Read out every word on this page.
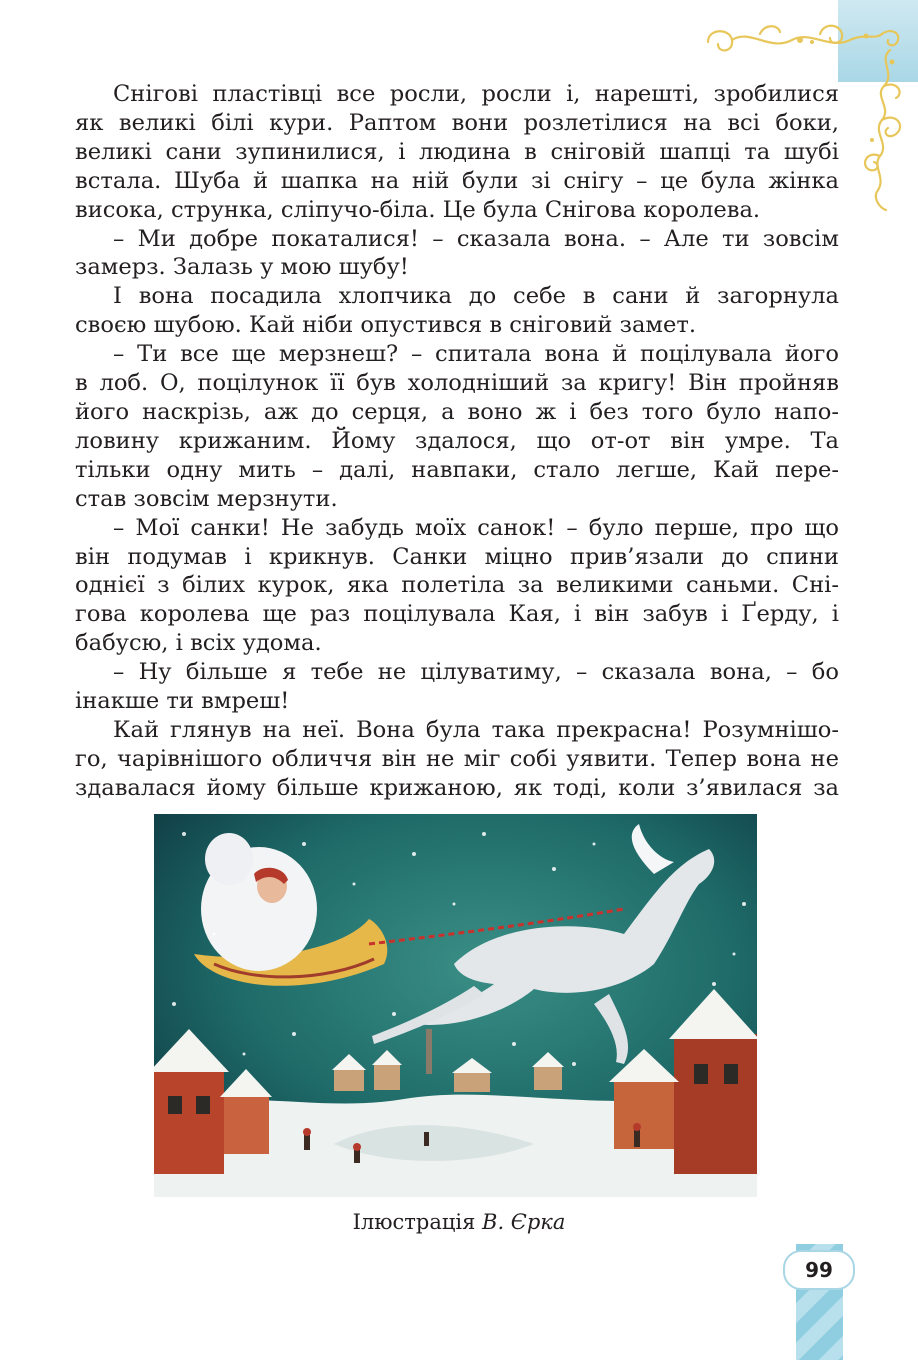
Снігові пластівці все росли, росли і, нарешті, зробилися
як великі білі кури. Раптом вони розлетілися на всі боки,
великі сани зупинилися, і людина в сніговій шапці та шубі
встала. Шуба й шапка на ній були зі снігу – це була жінка
висока, струнка, сліпучо-біла. Це була Снігова королева.
– Ми добре покаталися! – сказала вона. – Але ти зовсім
замерз. Залазь у мою шубу!
І вона посадила хлопчика до себе в сани й загорнула
своєю шубою. Кай ніби опустився в сніговий замет.
– Ти все ще мерзнеш? – спитала вона й поцілувала його
в лоб. О, поцілунок її був холодніший за кригу! Він пройняв
його наскрізь, аж до серця, а воно ж і без того було напо-
ловину крижаним. Йому здалося, що от-от він умре. Та
тільки одну мить – далі, навпаки, стало легше, Кай пере-
став зовсім мерзнути.
– Мої санки! Не забудь моїх санок! – було перше, про що
він подумав і крикнув. Санки міцно прив’язали до спини
однієї з білих курок, яка полетіла за великими саньми. Сні-
гова королева ще раз поцілувала Кая, і він забув і Ґерду, і
бабусю, і всіх удома.
– Ну більше я тебе не цілуватиму, – сказала вона, – бо
інакше ти вмреш!
Кай глянув на неї. Вона була така прекрасна! Розумнішо-
го, чарівнішого обличчя він не міг собі уявити. Тепер вона не
здавалася йому більше крижаною, як тоді, коли з’явилася за
Ілюстрація В. Єрка
99
